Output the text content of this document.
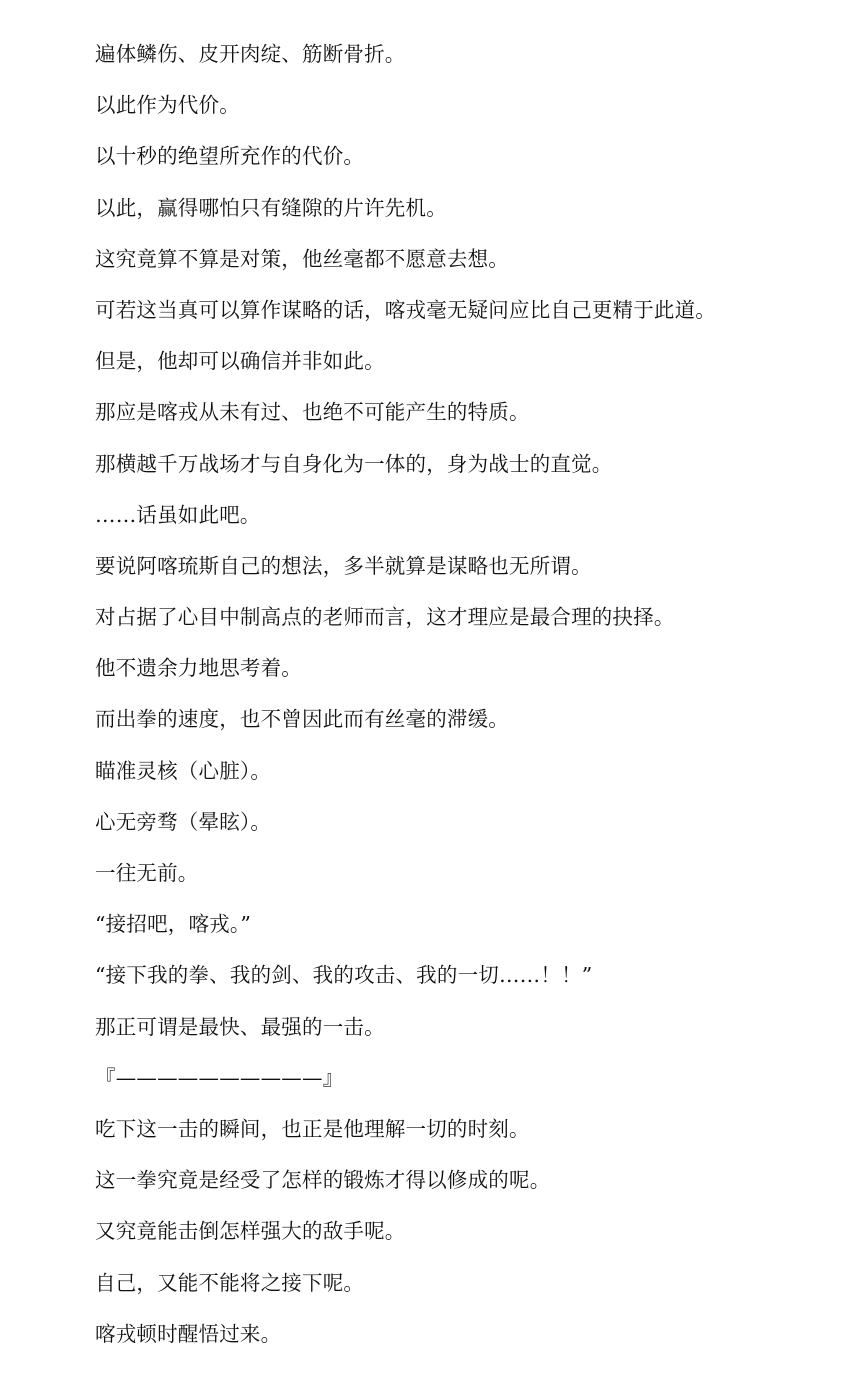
遍体鳞伤、皮开肉绽、筋断骨折。
以此作为代价。
以十秒的绝望所充作的代价。
以此，赢得哪怕只有缝隙的片许先机。
这究竟算不算是对策，他丝毫都不愿意去想。
可若这当真可以算作谋略的话，喀戎毫无疑问应比自己更精于此道。
但是，他却可以确信并非如此。
那应是喀戎从未有过、也绝不可能产生的特质。
那横越千万战场才与自身化为一体的，身为战士的直觉。
……话虽如此吧。
要说阿喀琉斯自己的想法，多半就算是谋略也无所谓。
对占据了心目中制高点的老师而言，这才理应是最合理的抉择。
他不遗余力地思考着。
而出拳的速度，也不曾因此而有丝毫的滞缓。
瞄准灵核（心脏）。
心无旁骛（晕眩）。
一往无前。
“接招吧，喀戎。”
“接下我的拳、我的剑、我的攻击、我的一切……！！”
那正可谓是最快、最强的一击。
『——————————』
吃下这一击的瞬间，也正是他理解一切的时刻。
这一拳究竟是经受了怎样的锻炼才得以修成的呢。
又究竟能击倒怎样强大的敌手呢。
自己，又能不能将之接下呢。
喀戎顿时醒悟过来。
